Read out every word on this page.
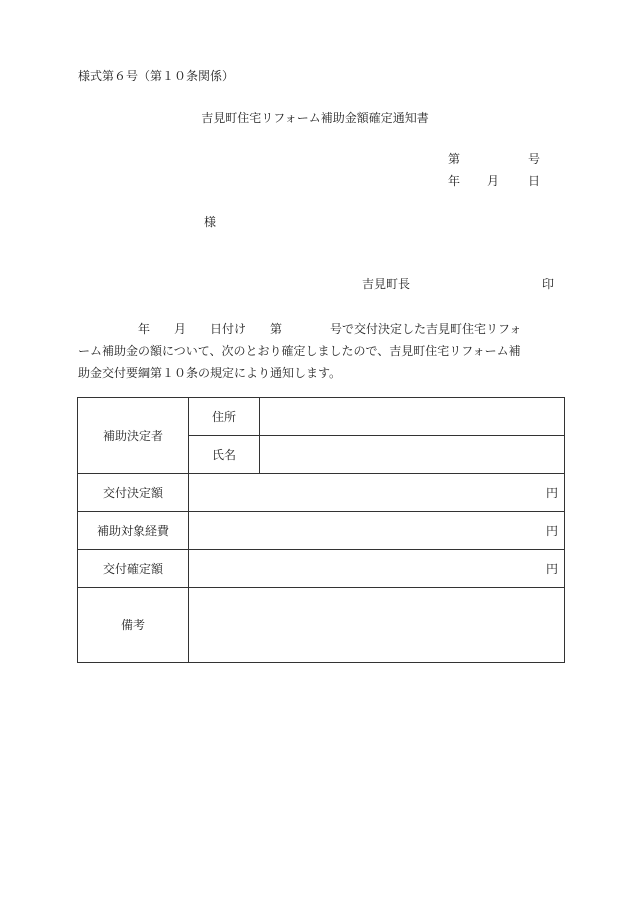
様式第６号（第１０条関係）
吉見町住宅リフォーム補助金額確定通知書
第	号
年 月 日
様
吉見町長	印
　　　　　年　　月　　日付け　　第　　　　号で交付決定した吉見町住宅リフォ
ーム補助金の額について、次のとおり確定しましたので、吉見町住宅リフォーム補
助金交付要綱第１０条の規定により通知します。
補助決定者	住所	
	氏名	
交付決定額	円	
補助対象経費	円	
交付確定額	円	
備考		
